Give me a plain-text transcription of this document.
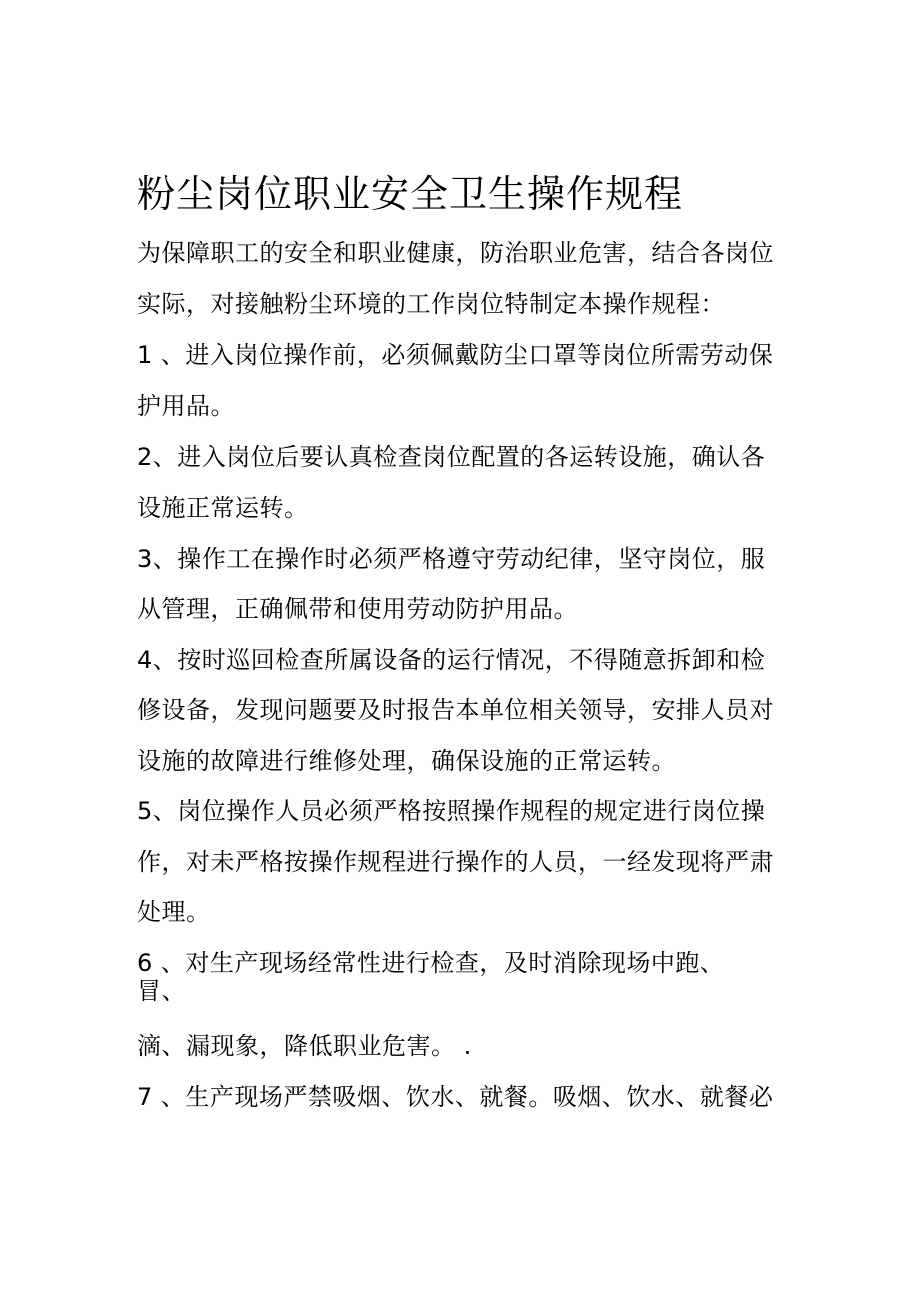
粉尘岗位职业安全卫生操作规程
为保障职工的安全和职业健康，防治职业危害，结合各岗位
实际，对接触粉尘环境的工作岗位特制定本操作规程：
1 、进入岗位操作前，必须佩戴防尘口罩等岗位所需劳动保
护用品。
2、进入岗位后要认真检查岗位配置的各运转设施，确认各
设施正常运转。
3、操作工在操作时必须严格遵守劳动纪律，坚守岗位，服
从管理，正确佩带和使用劳动防护用品。
4、按时巡回检查所属设备的运行情况，不得随意拆卸和检
修设备，发现问题要及时报告本单位相关领导，安排人员对
设施的故障进行维修处理，确保设施的正常运转。
5、岗位操作人员必须严格按照操作规程的规定进行岗位操
作，对未严格按操作规程进行操作的人员，一经发现将严肃
处理。
6 、对生产现场经常性进行检查，及时消除现场中跑、
冒、
滴、漏现象，降低职业危害。 .
7 、生产现场严禁吸烟、饮水、就餐。吸烟、饮水、就餐必
